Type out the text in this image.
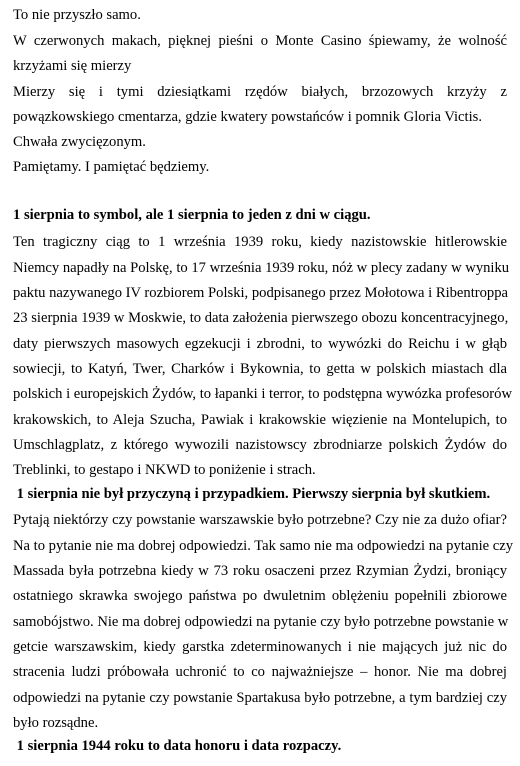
To nie przyszło samo.
W czerwonych makach, pięknej pieśni o Monte Casino śpiewamy, że wolność
krzyżami się mierzy
Mierzy się i tymi dziesiątkami rzędów białych, brzozowych krzyży z
powązkowskiego cmentarza, gdzie kwatery powstańców i pomnik Gloria Victis.
Chwała zwycięzonym.
Pamiętamy. I pamiętać będziemy.
1 sierpnia to symbol, ale 1 sierpnia to jeden z dni w ciągu.
Ten tragiczny ciąg to 1 września 1939 roku, kiedy nazistowskie hitlerowskie
Niemcy napadły na Polskę, to 17 września 1939 roku, nóż w plecy zadany w wyniku
paktu nazywanego IV rozbiorem Polski, podpisanego przez Mołotowa i Ribentroppa
23 sierpnia 1939 w Moskwie, to data założenia pierwszego obozu koncentracyjnego,
daty pierwszych masowych egzekucji i zbrodni, to wywózki do Reichu i w głąb
sowiecji, to Katyń, Twer, Charków i Bykownia, to getta w polskich miastach dla
polskich i europejskich Żydów, to łapanki i terror, to podstępna wywózka profesorów
krakowskich, to Aleja Szucha, Pawiak i krakowskie więzienie na Montelupich, to
Umschlagplatz, z którego wywozili nazistowscy zbrodniarze polskich Żydów do
Treblinki, to gestapo i NKWD to poniżenie i strach.
1 sierpnia nie był przyczyną i przypadkiem. Pierwszy sierpnia był skutkiem.
Pytają niektórzy czy powstanie warszawskie było potrzebne? Czy nie za dużo ofiar?
Na to pytanie nie ma dobrej odpowiedzi. Tak samo nie ma odpowiedzi na pytanie czy
Massada była potrzebna kiedy w 73 roku osaczeni przez Rzymian Żydzi, broniący
ostatniego skrawka swojego państwa po dwuletnim oblężeniu popełnili zbiorowe
samobójstwo. Nie ma dobrej odpowiedzi na pytanie czy było potrzebne powstanie w
getcie warszawskim, kiedy garstka zdeterminowanych i nie mających już nic do
stracenia ludzi próbowała uchronić to co najważniejsze – honor. Nie ma dobrej
odpowiedzi na pytanie czy powstanie Spartakusa było potrzebne, a tym bardziej czy
było rozsądne.
1 sierpnia 1944 roku to data honoru i data rozpaczy.
